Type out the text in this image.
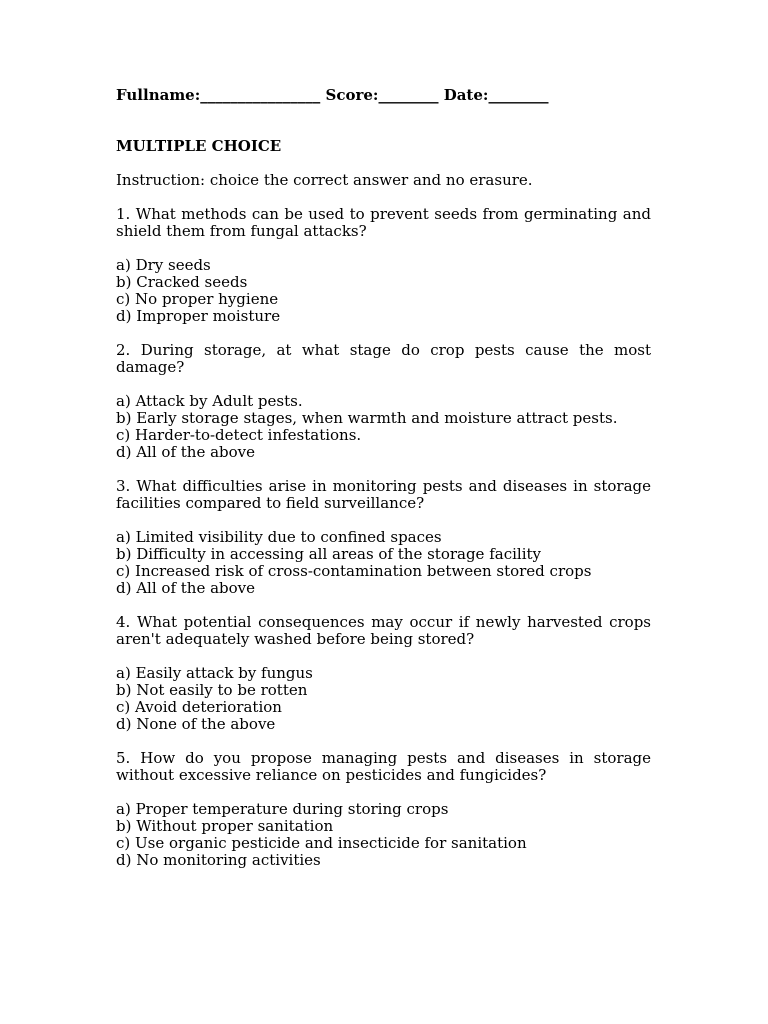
Fullname:________________ Score:________ Date:________
MULTIPLE CHOICE
Instruction: choice the correct answer and no erasure.
1. What methods can be used to prevent seeds from germinating and shield them from fungal attacks?
a) Dry seeds
b) Cracked seeds
c) No proper hygiene
d) Improper moisture
2. During storage, at what stage do crop pests cause the most damage?
a) Attack by Adult pests.
b) Early storage stages, when warmth and moisture attract pests.
c) Harder-to-detect infestations.
d) All of the above
3. What difficulties arise in monitoring pests and diseases in storage facilities compared to field surveillance?
a) Limited visibility due to confined spaces
b) Difficulty in accessing all areas of the storage facility
c) Increased risk of cross-contamination between stored crops
d) All of the above
4. What potential consequences may occur if newly harvested crops aren't adequately washed before being stored?
a) Easily attack by fungus
b) Not easily to be rotten
c) Avoid deterioration
d) None of the above
5. How do you propose managing pests and diseases in storage without excessive reliance on pesticides and fungicides?
a) Proper temperature during storing crops
b) Without proper sanitation
c) Use organic pesticide and insecticide for sanitation
d) No monitoring activities
